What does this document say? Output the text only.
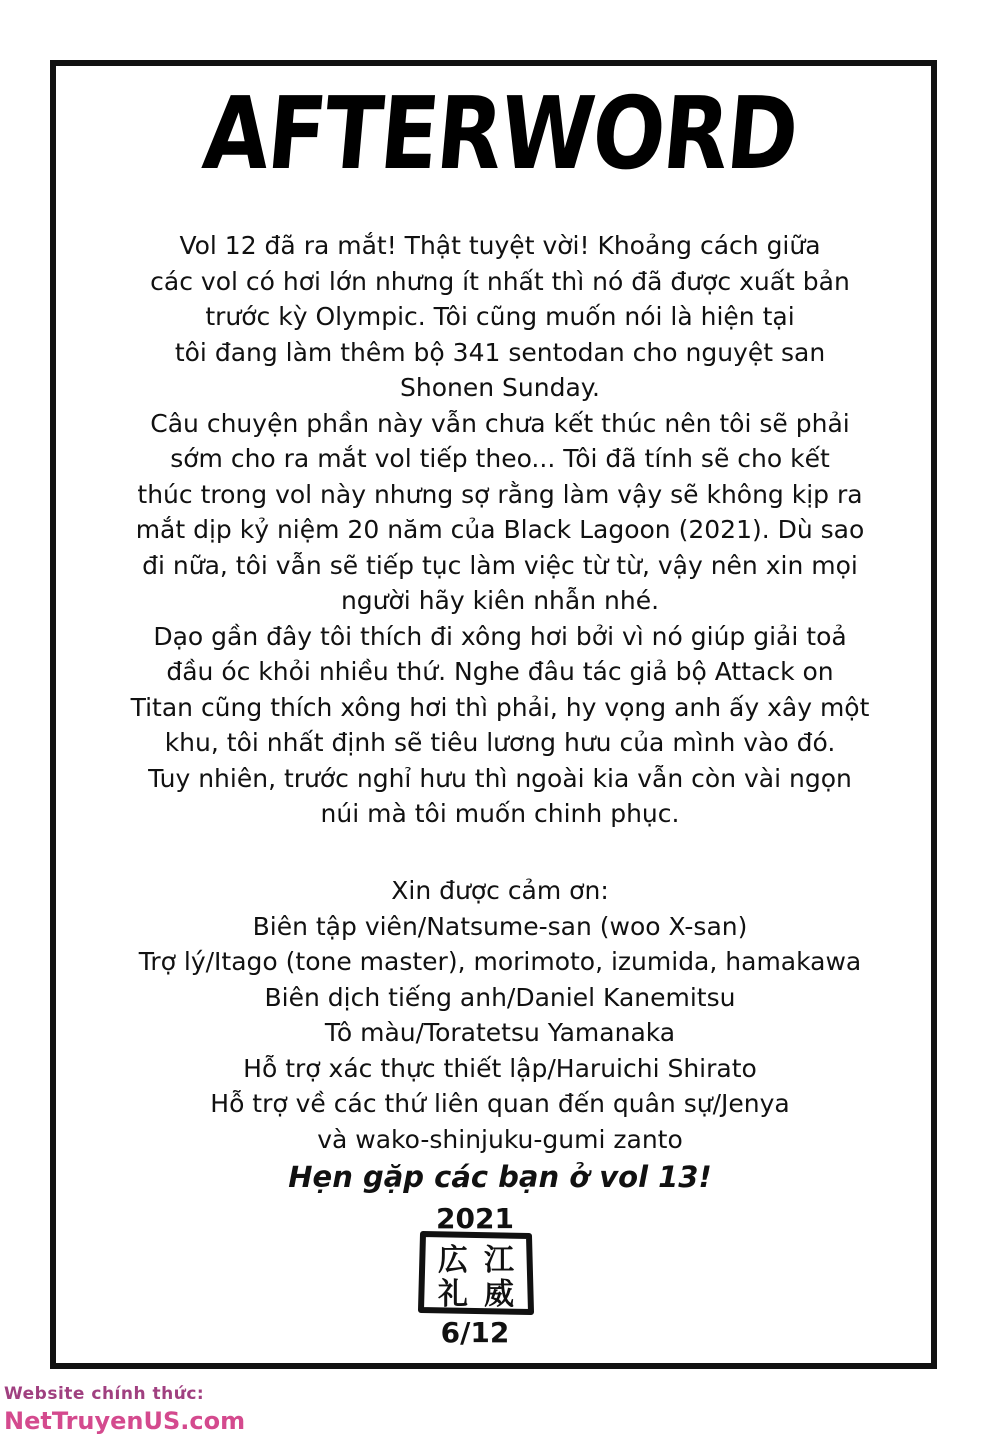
AFTERWORD
Vol 12 đã ra mắt! Thật tuyệt vời! Khoảng cách giữa
các vol có hơi lớn nhưng ít nhất thì nó đã được xuất bản
trước kỳ Olympic. Tôi cũng muốn nói là hiện tại
tôi đang làm thêm bộ 341 sentodan cho nguyệt san
Shonen Sunday.
Câu chuyện phần này vẫn chưa kết thúc nên tôi sẽ phải
sớm cho ra mắt vol tiếp theo... Tôi đã tính sẽ cho kết
thúc trong vol này nhưng sợ rằng làm vậy sẽ không kịp ra
mắt dịp kỷ niệm 20 năm của Black Lagoon (2021). Dù sao
đi nữa, tôi vẫn sẽ tiếp tục làm việc từ từ, vậy nên xin mọi
người hãy kiên nhẫn nhé.
Dạo gần đây tôi thích đi xông hơi bởi vì nó giúp giải toả
đầu óc khỏi nhiều thứ. Nghe đâu tác giả bộ Attack on
Titan cũng thích xông hơi thì phải, hy vọng anh ấy xây một
khu, tôi nhất định sẽ tiêu lương hưu của mình vào đó.
Tuy nhiên, trước nghỉ hưu thì ngoài kia vẫn còn vài ngọn
núi mà tôi muốn chinh phục.
Xin được cảm ơn:
Biên tập viên/Natsume-san (woo X-san)
Trợ lý/Itago (tone master), morimoto, izumida, hamakawa
Biên dịch tiếng anh/Daniel Kanemitsu
Tô màu/Toratetsu Yamanaka
Hỗ trợ xác thực thiết lập/Haruichi Shirato
Hỗ trợ về các thứ liên quan đến quân sự/Jenya
và wako-shinjuku-gumi zanto
Hẹn gặp các bạn ở vol 13!
2021
広 江
礼 威
6/12
Website chính thức:
NetTruyenUS.com
